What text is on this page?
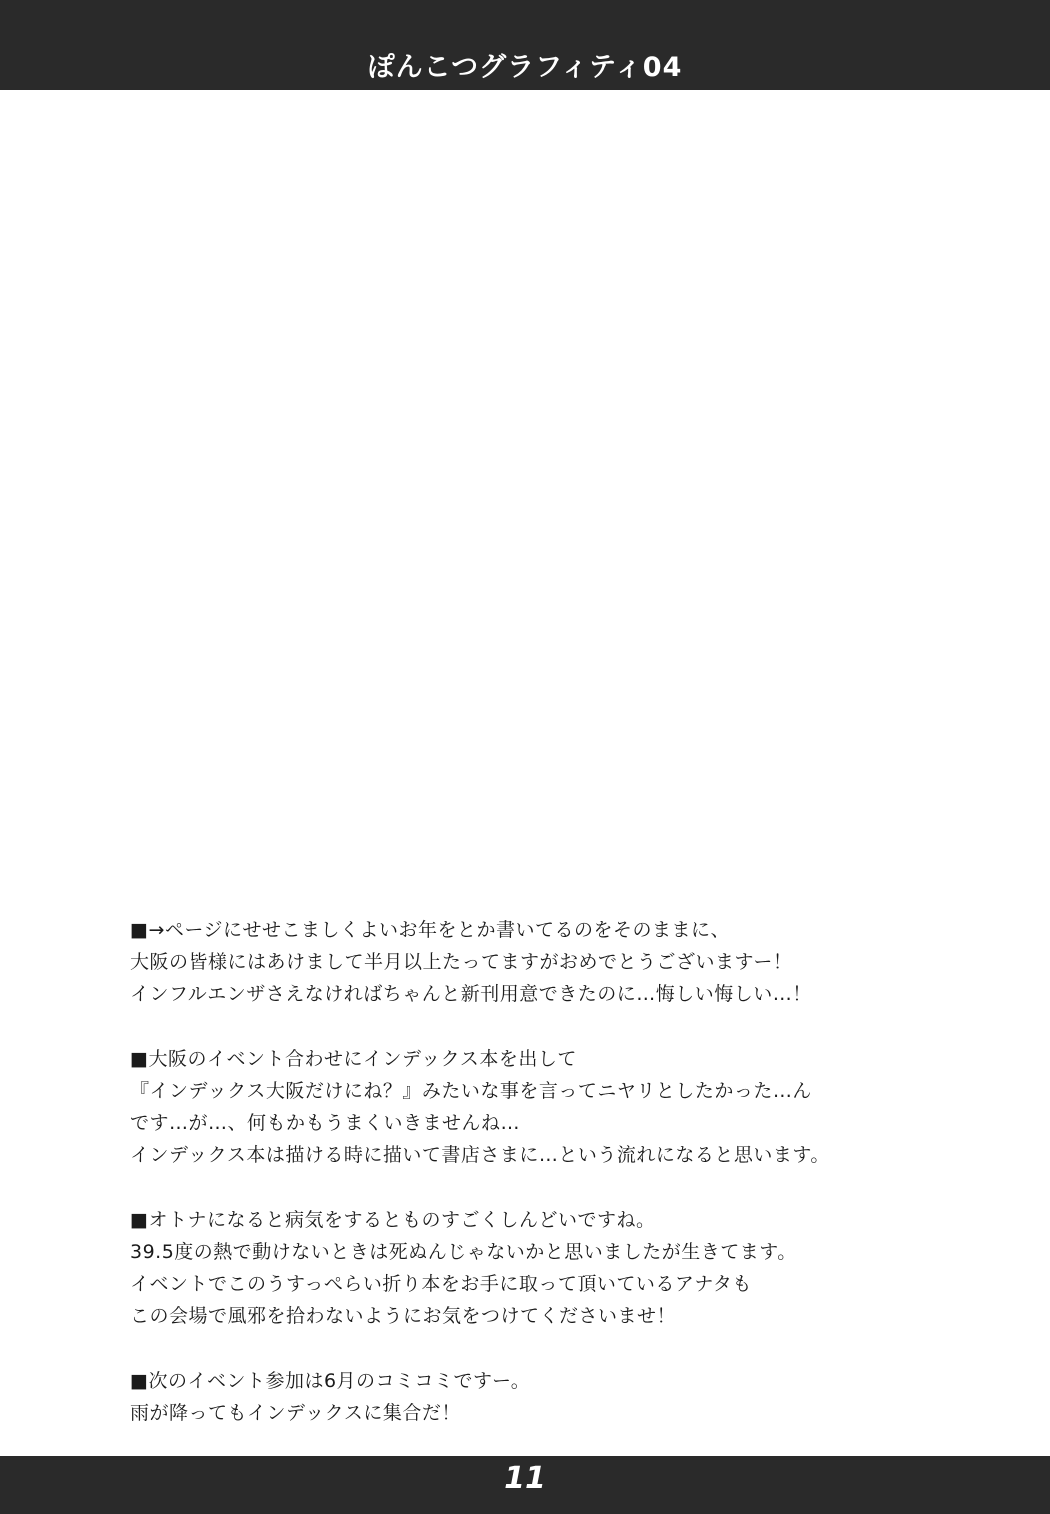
ぽんこつグラフィティ04
■→ページにせせこましくよいお年をとか書いてるのをそのままに、
大阪の皆様にはあけまして半月以上たってますがおめでとうございますー！
インフルエンザさえなければちゃんと新刊用意できたのに…悔しい悔しい…！
■大阪のイベント合わせにインデックス本を出して
『インデックス大阪だけにね？』みたいな事を言ってニヤリとしたかった…ん
です…が…、何もかもうまくいきませんね…
インデックス本は描ける時に描いて書店さまに…という流れになると思います。
■オトナになると病気をするとものすごくしんどいですね。
39.5度の熱で動けないときは死ぬんじゃないかと思いましたが生きてます。
イベントでこのうすっぺらい折り本をお手に取って頂いているアナタも
この会場で風邪を拾わないようにお気をつけてくださいませ！
■次のイベント参加は6月のコミコミですー。
雨が降ってもインデックスに集合だ！
11
